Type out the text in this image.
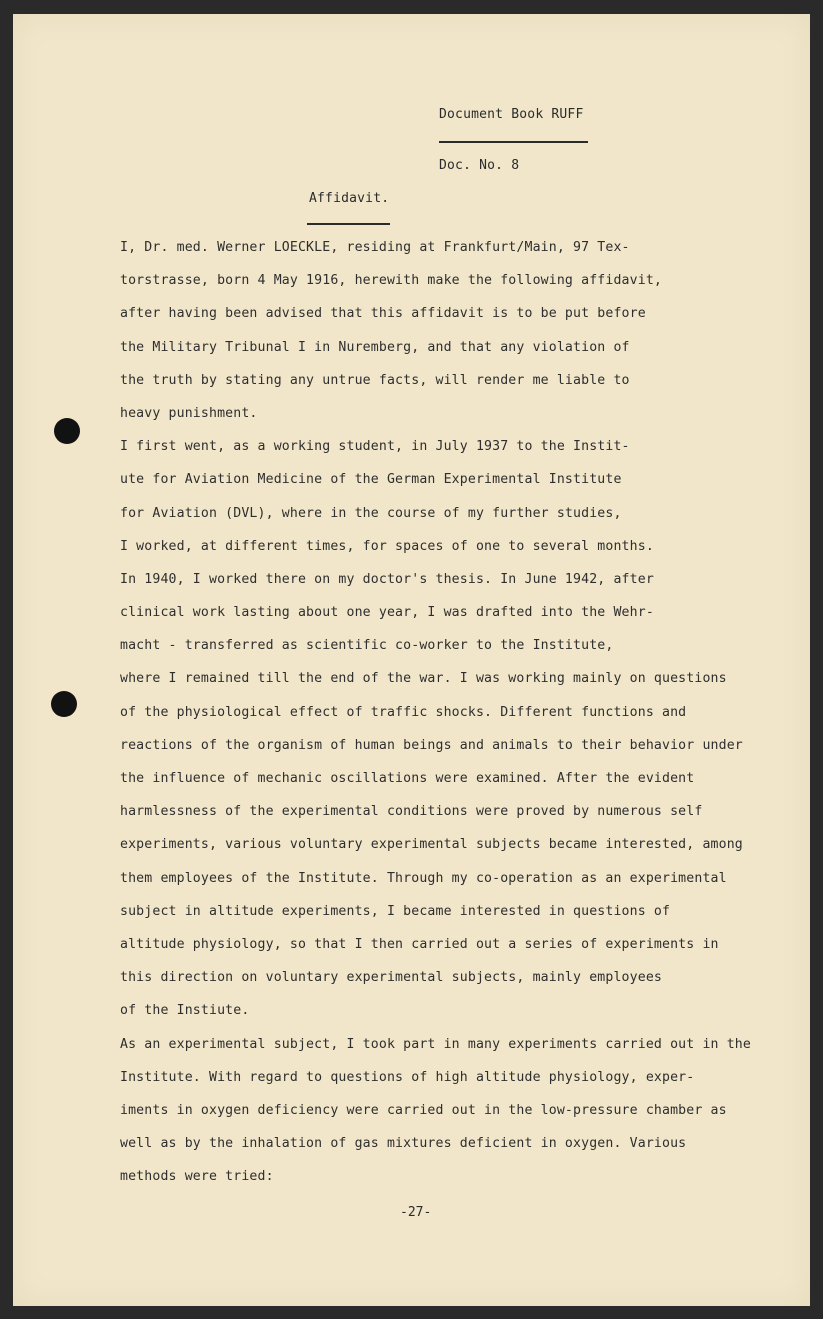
Document Book RUFF
Doc. No. 8
Affidavit.
I, Dr. med. Werner LOECKLE, residing at Frankfurt/Main, 97 Tex-
torstrasse, born 4 May 1916, herewith make the following affidavit,
after having been advised that this affidavit is to be put before
the Military Tribunal I in Nuremberg, and that any violation of
the truth by stating any untrue facts, will render me liable to
heavy punishment.
I first went, as a working student, in July 1937 to the Instit-
ute for Aviation Medicine of the German Experimental Institute
for Aviation (DVL), where in the course of my further studies,
I worked, at different times, for spaces of one to several months.
In 1940, I worked there on my doctor's thesis. In June 1942, after
clinical work lasting about one year, I was drafted into the Wehr-
macht - transferred as scientific co-worker to the Institute,
where I remained till the end of the war. I was working mainly on questions
of the physiological effect of traffic shocks. Different functions and
reactions of the organism of human beings and animals to their behavior under
the influence of mechanic oscillations were examined. After the evident
harmlessness of the experimental conditions were proved by numerous self
experiments, various voluntary experimental subjects became interested, among
them employees of the Institute. Through my co-operation as an experimental
subject in altitude experiments, I became interested in questions of
altitude physiology, so that I then carried out a series of experiments in
this direction on voluntary experimental subjects, mainly employees
of the Instiute.
As an experimental subject, I took part in many experiments carried out in the
Institute. With regard to questions of high altitude physiology, exper-
iments in oxygen deficiency were carried out in the low-pressure chamber as
well as by the inhalation of gas mixtures deficient in oxygen. Various
methods were tried:
-27-
